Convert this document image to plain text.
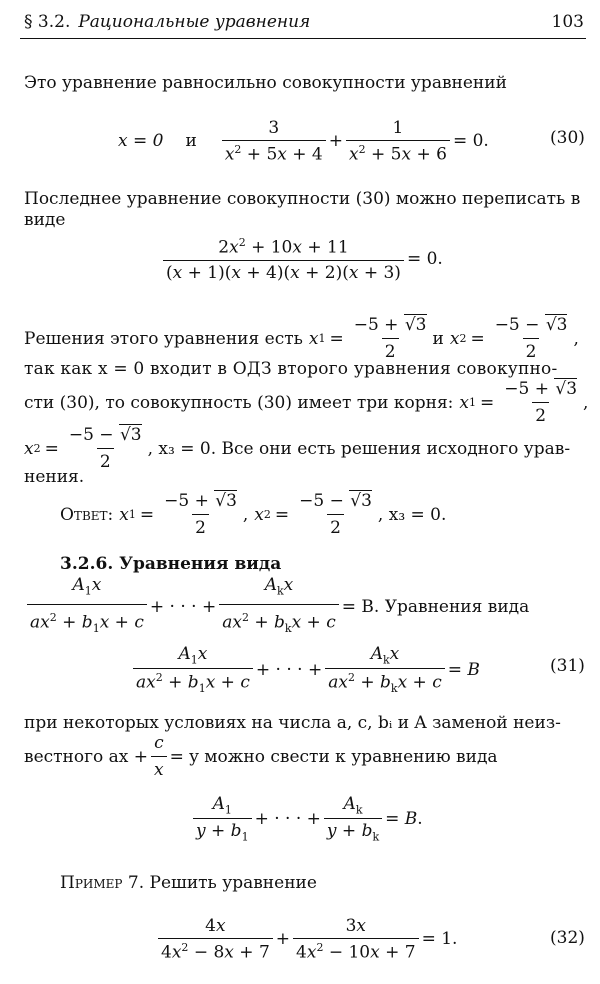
§ 3.2. Рациональные уравнения	103
Это уравнение равносильно совокупности уравнений
x = 0 и $\frac{3}{x^2 + 5x + 4} + \frac{1}{x^2 + 5x + 6} = 0$.	(30)
Последнее уравнение совокупности (30) можно переписать в
виде
$\frac{2x^2 + 10x + 11}{(x + 1)(x + 4)(x + 2)(x + 3)} = 0$.
Решения этого уравнения есть x $1 = \frac{-5 + √3}{2}$ и x $2 = \frac{-5 - √3}{2}$ ,
так как x = 0 входит в ОДЗ второго уравнения совокупно-
сти (30), то совокупность (30) имеет три корня: x $1 = \frac{-5 + √3}{2}$ ,
x $2 = \frac{-5 - √3}{2}$ , x₃ = 0. Все они есть решения исходного урав-
нения.
Ответ: x $1 = \frac{-5 + √3}{2}$ , x $2 = \frac{-5 - √3}{2}$ , x₃ = 0.
3.2.6. Уравнения вида
$\frac{A_1x}{ax^2 + b_1x + c}$ + · · · + $\frac{A_kx}{ax^2 + b_kx + c} = B$. Уравнения вида
$\frac{A_1x}{ax^2 + b_1x + c}$ + · · · + $\frac{A_kx}{ax^2 + b_kx + c} = B$	(31)
при некоторых условиях на числа a, c, bᵢ и A заменой неиз-
вестного ax + $\frac{c}{x} = y$ можно свести к уравнению вида
$\frac{A_1}{y + b_1}$ + · · · + $\frac{A_k}{y + b_k} = B$.
Пример 7. Решить уравнение
$\frac{4x}{4x^2 - 8x + 7} + \frac{3x}{4x^2 - 10x + 7} = 1$.	(32)
